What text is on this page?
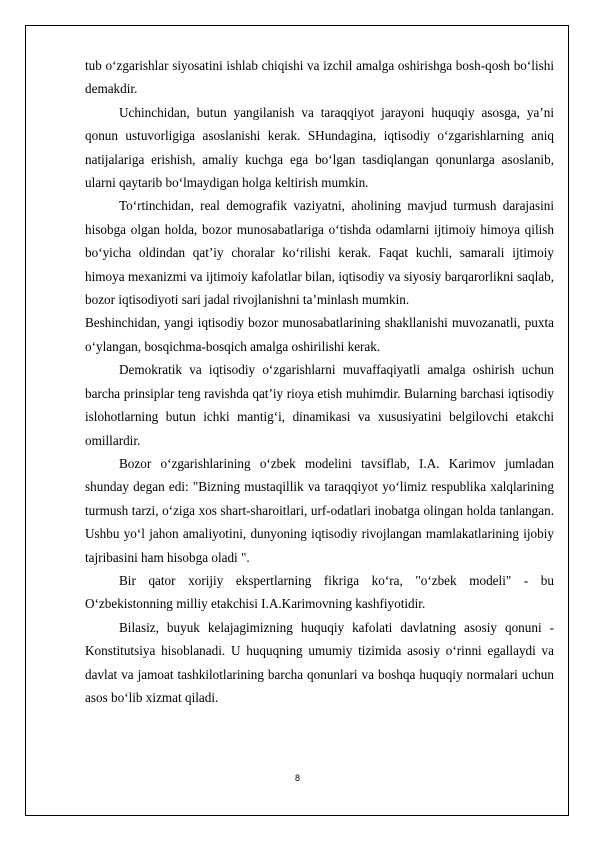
tub o‘zgarishlar siyosatini ishlab chiqishi va izchil amalga oshirishga bosh-qosh bo‘lishi demakdir.

Uchinchidan, butun yangilanish va taraqqiyot jarayoni huquqiy asosga, ya’ni qonun ustuvorligiga asoslanishi kerak. SHundagina, iqtisodiy o‘zgarishlarning aniq natijalariga erishish, amaliy kuchga ega bo‘lgan tasdiqlangan qonunlarga asoslanib, ularni qaytarib bo‘lmaydigan holga keltirish mumkin.

To‘rtinchidan, real demografik vaziyatni, aholining mavjud turmush darajasini hisobga olgan holda, bozor munosabatlariga o‘tishda odamlarni ijtimoiy himoya qilish bo‘yicha oldindan qat’iy choralar ko‘rilishi kerak. Faqat kuchli, samarali ijtimoiy himoya mexanizmi va ijtimoiy kafolatlar bilan, iqtisodiy va siyosiy barqarorlikni saqlab, bozor iqtisodiyoti sari jadal rivojlanishni ta’minlash mumkin.

Beshinchidan, yangi iqtisodiy bozor munosabatlarining shakllanishi muvozanatli, puxta o‘ylangan, bosqichma-bosqich amalga oshirilishi kerak.

Demokratik va iqtisodiy o‘zgarishlarni muvaffaqiyatli amalga oshirish uchun barcha prinsiplar teng ravishda qat’iy rioya etish muhimdir. Bularning barchasi iqtisodiy islohotlarning butun ichki mantig‘i, dinamikasi va xususiyatini belgilovchi etakchi omillardir.

Bozor o‘zgarishlarining o‘zbek modelini tavsiflab, I.A. Karimov jumladan shunday degan edi: "Bizning mustaqillik va taraqqiyot yo‘limiz respublika xalqlarining turmush tarzi, o‘ziga xos shart-sharoitlari, urf-odatlari inobatga olingan holda tanlangan. Ushbu yo‘l jahon amaliyotini, dunyoning iqtisodiy rivojlangan mamlakatlarining ijobiy tajribasini ham hisobga oladi ".

Bir qator xorijiy ekspertlarning fikriga ko‘ra, "o‘zbek modeli" - bu O‘zbekistonning milliy etakchisi I.A.Karimovning kashfiyotidir.

Bilasiz, buyuk kelajagimizning huquqiy kafolati davlatning asosiy qonuni - Konstitutsiya hisoblanadi. U huquqning umumiy tizimida asosiy o‘rinni egallaydi va davlat va jamoat tashkilotlarining barcha qonunlari va boshqa huquqiy normalari uchun asos bo‘lib xizmat qiladi.

8
